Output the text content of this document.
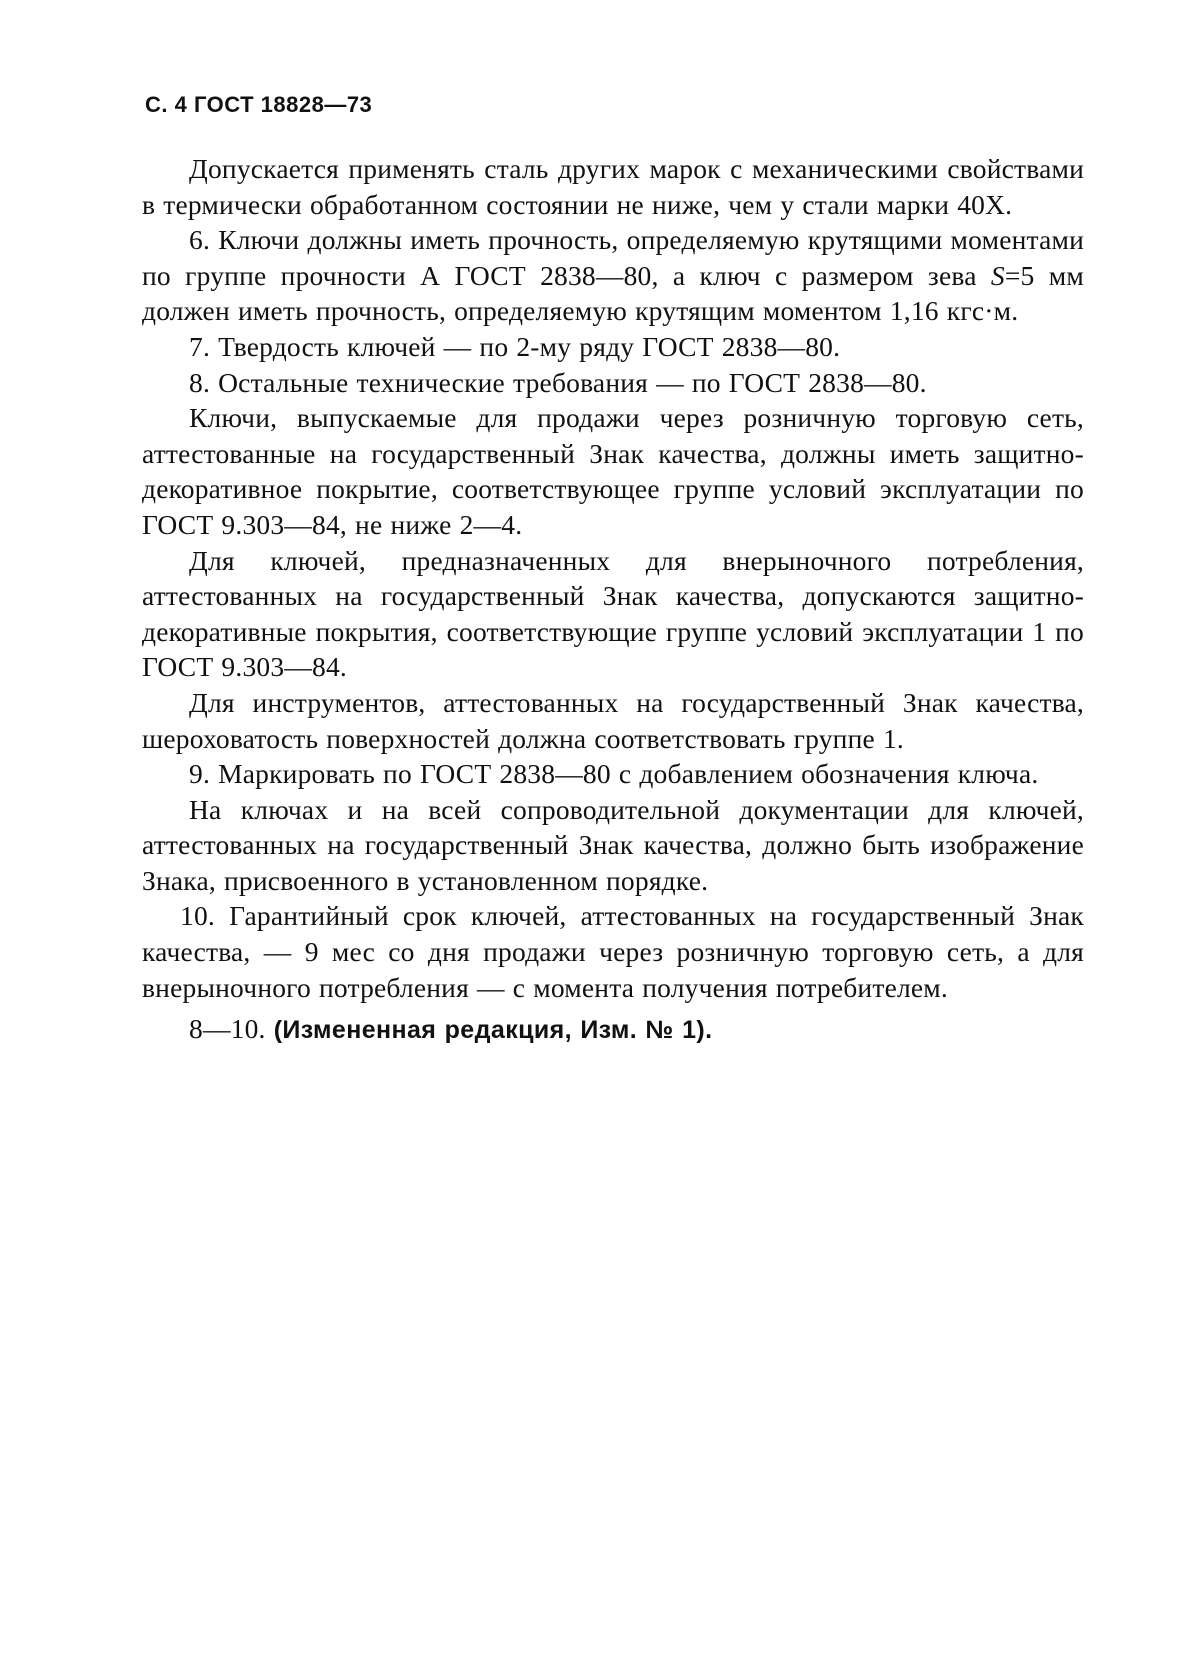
С. 4 ГОСТ 18828—73

Допускается применять сталь других марок с механическими свойствами в термически обработанном состоянии не ниже, чем у стали марки 40X.

6. Ключи должны иметь прочность, определяемую крутящими моментами по группе прочности А ГОСТ 2838—80, а ключ с размером зева S=5 мм должен иметь прочность, определяемую крутящим моментом 1,16 кгс·м.

7. Твердость ключей — по 2-му ряду ГОСТ 2838—80.

8. Остальные технические требования — по ГОСТ 2838—80.

Ключи, выпускаемые для продажи через розничную торговую сеть, аттестованные на государственный Знак качества, должны иметь защитно-декоративное покрытие, соответствующее группе условий эксплуатации по ГОСТ 9.303—84, не ниже 2—4.

Для ключей, предназначенных для внерыночного потребления, аттестованных на государственный Знак качества, допускаются защитно-декоративные покрытия, соответствующие группе условий эксплуатации 1 по ГОСТ 9.303—84.

Для инструментов, аттестованных на государственный Знак качества, шероховатость поверхностей должна соответствовать группе 1.

9. Маркировать по ГОСТ 2838—80 с добавлением обозначения ключа.

На ключах и на всей сопроводительной документации для ключей, аттестованных на государственный Знак качества, должно быть изображение Знака, присвоенного в установленном порядке.

10. Гарантийный срок ключей, аттестованных на государственный Знак качества, — 9 мес со дня продажи через розничную торговую сеть, а для внерыночного потребления — с момента получения потребителем.

8—10. (Измененная редакция, Изм. № 1).
